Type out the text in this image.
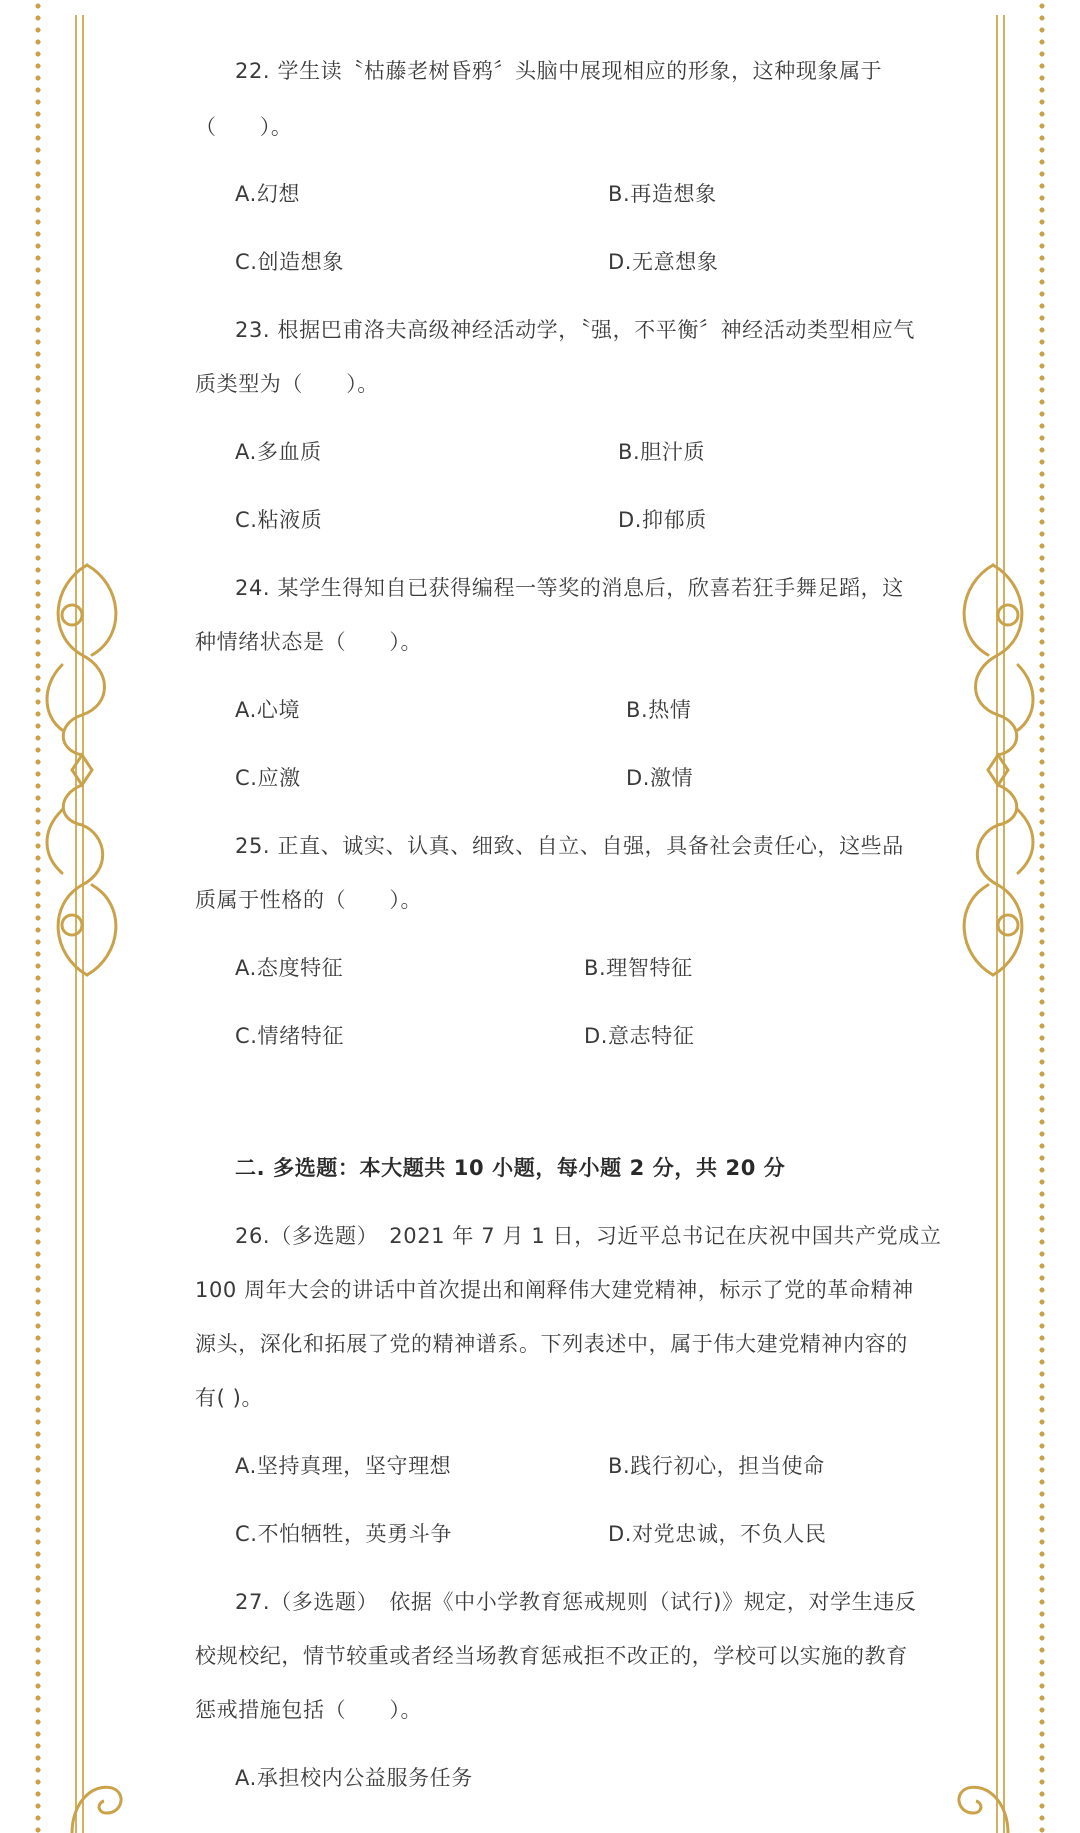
22. 学生读〝枯藤老树昏鸦〞头脑中展现相应的形象，这种现象属于
（　　）。
A.幻想	B.再造想象
C.创造想象	D.无意想象
23. 根据巴甫洛夫高级神经活动学，〝强，不平衡〞神经活动类型相应气
质类型为（　　）。
A.多血质	B.胆汁质
C.粘液质	D.抑郁质
24. 某学生得知自已获得编程一等奖的消息后，欣喜若狂手舞足蹈，这
种情绪状态是（　　）。
A.心境	B.热情
C.应激	D.激情
25. 正直、诚实、认真、细致、自立、自强，具备社会责任心，这些品
质属于性格的（　　）。
A.态度特征	B.理智特征
C.情绪特征	D.意志特征
二. 多选题：本大题共 10 小题，每小题 2 分，共 20 分
26.（多选题）　2021 年 7 月 1 日，习近平总书记在庆祝中国共产党成立
100 周年大会的讲话中首次提出和阐释伟大建党精神，标示了党的革命精神
源头，深化和拓展了党的精神谱系。下列表述中，属于伟大建党精神内容的
有( )。
A.坚持真理，坚守理想	B.践行初心，担当使命
C.不怕牺牲，英勇斗争	D.对党忠诚，不负人民
27.（多选题）　依据《中小学教育惩戒规则（试行)》规定，对学生违反
校规校纪，情节较重或者经当场教育惩戒拒不改正的，学校可以实施的教育
惩戒措施包括（　　）。
A.承担校内公益服务任务
